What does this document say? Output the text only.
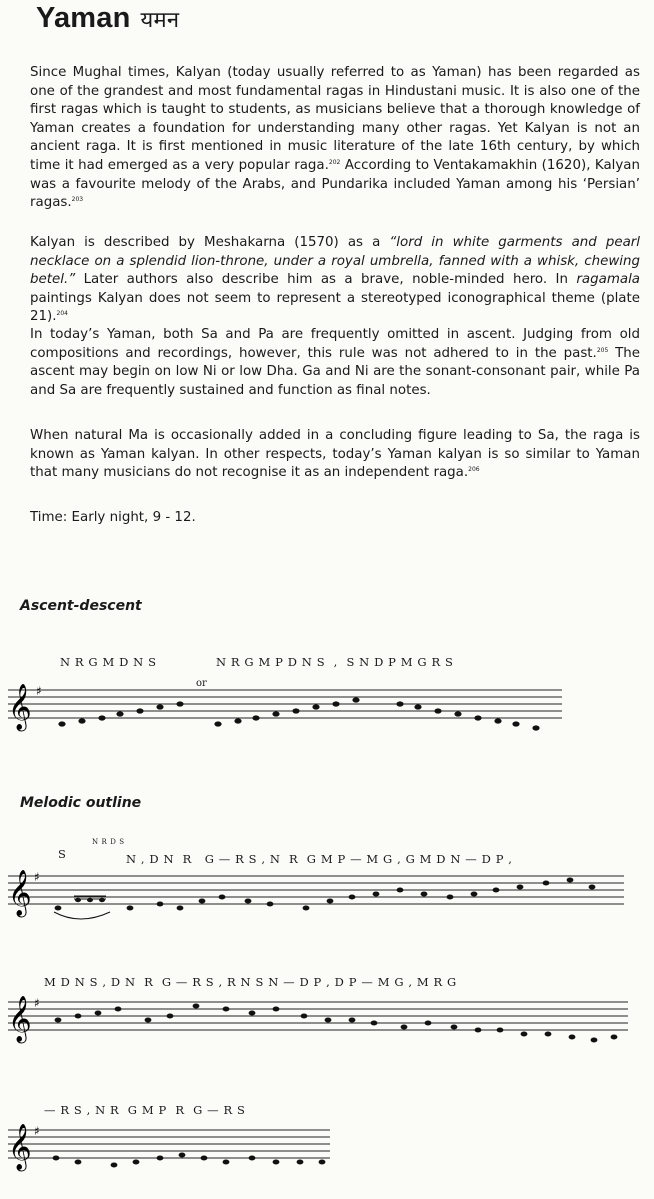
Yaman यमन
Since Mughal times, Kalyan (today usually referred to as Yaman) has been regarded as one of the grandest and most fundamental ragas in Hindustani music. It is also one of the first ragas which is taught to students, as musicians believe that a thorough knowledge of Yaman creates a foundation for understanding many other ragas. Yet Kalyan is not an ancient raga. It is first mentioned in music literature of the late 16th century, by which time it had emerged as a very popular raga.$^{202}$ According to Ventakamakhin (1620), Kalyan was a favourite melody of the Arabs, and Pundarika included Yaman among his ‘Persian’ ragas.$^{203}$
Kalyan is described by Meshakarna (1570) as a “lord in white garments and pearl necklace on a splendid lion-throne, under a royal umbrella, fanned with a whisk, chewing betel.” Later authors also describe him as a brave, noble-minded hero. In ragamala paintings Kalyan does not seem to represent a stereotyped iconographical theme (plate 21).$^{204}$
In today’s Yaman, both Sa and Pa are frequently omitted in ascent. Judging from old compositions and recordings, however, this rule was not adhered to in the past.$^{205}$ The ascent may begin on low Ni or low Dha. Ga and Ni are the sonant-consonant pair, while Pa and Sa are frequently sustained and function as final notes.
When natural Ma is occasionally added in a concluding figure leading to Sa, the raga is known as Yaman kalyan. In other respects, today’s Yaman kalyan is so similar to Yaman that many musicians do not recognise it as an independent raga.$^{206}$
Time: Early night, 9 - 12.
Ascent-descent
N R G M D N S
or
N R G M P D N S  ,  S N D P M G R S
𝄞 ♯
Melodic outline
N R D S
S	N , D N  R   G — R S , N  R  G M P — M G , G M D N — D P ,
𝄞 ♯
M D N S , D N  R  G — R S , R N S N — D P , D P — M G , M R G
𝄞 ♯
— R S , N R  G M P  R  G — R S
𝄞 ♯
